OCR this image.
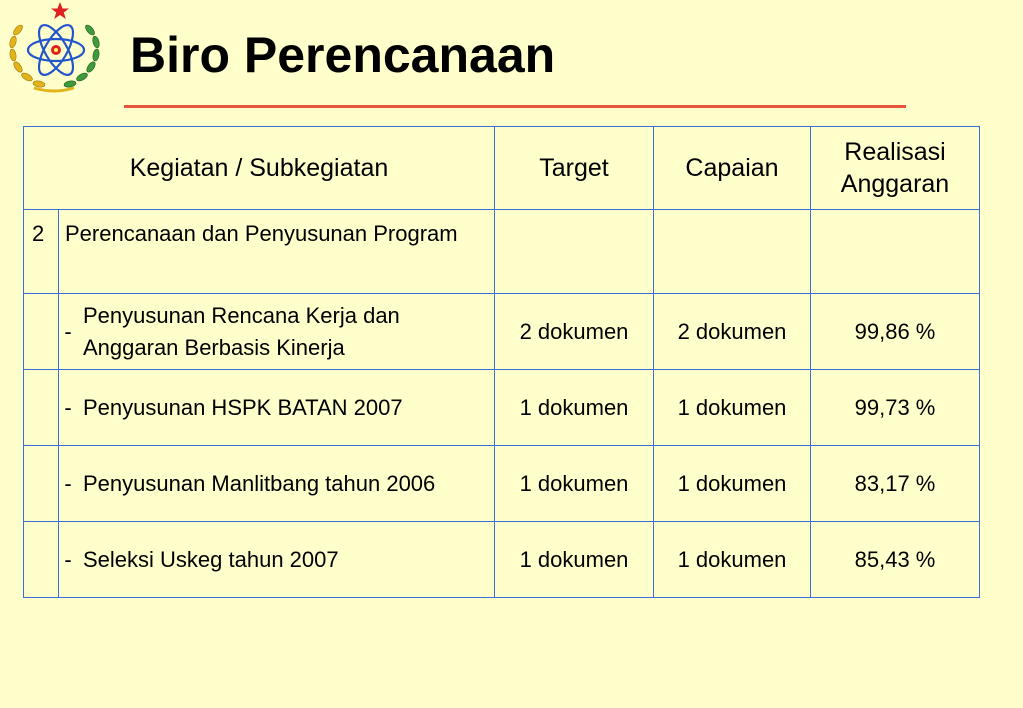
Biro Perencanaan
Kegiatan / Subkegiatan			Target	Capaian	Realisasi Anggaran
2	Perencanaan dan Penyusunan Program				
	-	Penyusunan Rencana Kerja dan Anggaran Berbasis Kinerja	2 dokumen	2 dokumen	99,86 %
	-	Penyusunan HSPK BATAN 2007	1 dokumen	1 dokumen	99,73 %
	-	Penyusunan Manlitbang tahun 2006	1 dokumen	1 dokumen	83,17 %
	-	Seleksi Uskeg tahun 2007	1 dokumen	1 dokumen	85,43 %
